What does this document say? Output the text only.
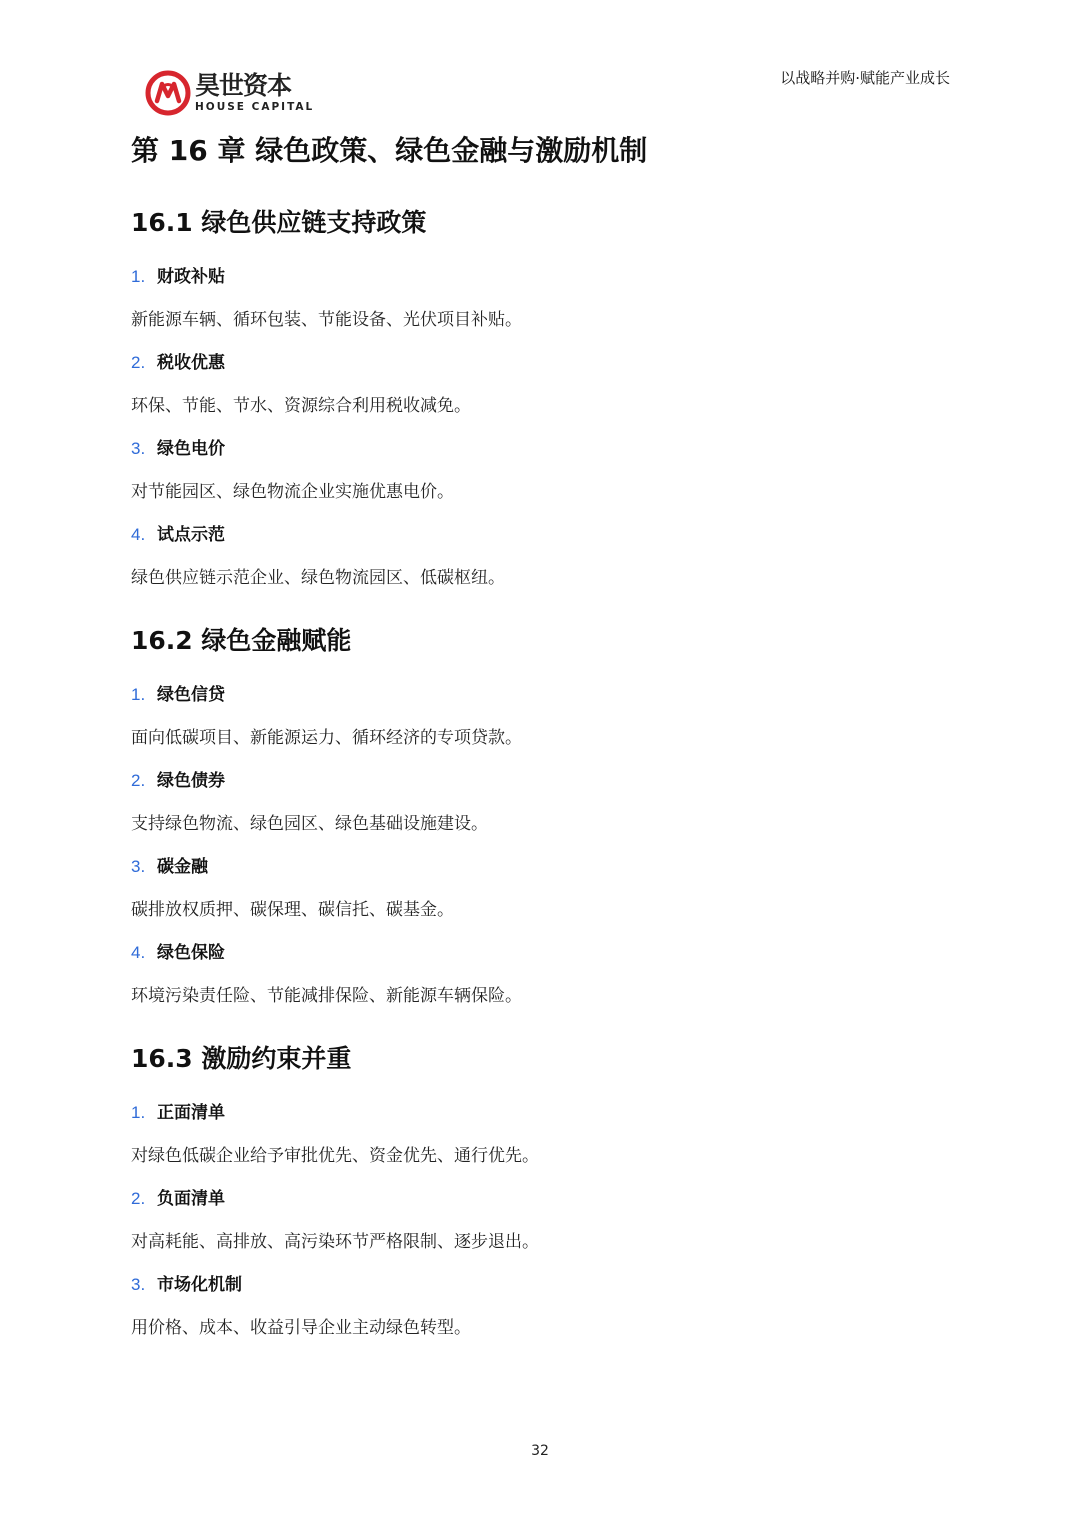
昊世资本
HOUSE CAPITAL
以战略并购·赋能产业成长
第 16 章 绿色政策、绿色金融与激励机制
16.1 绿色供应链支持政策
1. 财政补贴
新能源车辆、循环包装、节能设备、光伏项目补贴。
2. 税收优惠
环保、节能、节水、资源综合利用税收减免。
3. 绿色电价
对节能园区、绿色物流企业实施优惠电价。
4. 试点示范
绿色供应链示范企业、绿色物流园区、低碳枢纽。
16.2 绿色金融赋能
1. 绿色信贷
面向低碳项目、新能源运力、循环经济的专项贷款。
2. 绿色债券
支持绿色物流、绿色园区、绿色基础设施建设。
3. 碳金融
碳排放权质押、碳保理、碳信托、碳基金。
4. 绿色保险
环境污染责任险、节能减排保险、新能源车辆保险。
16.3 激励约束并重
1. 正面清单
对绿色低碳企业给予审批优先、资金优先、通行优先。
2. 负面清单
对高耗能、高排放、高污染环节严格限制、逐步退出。
3. 市场化机制
用价格、成本、收益引导企业主动绿色转型。
32
